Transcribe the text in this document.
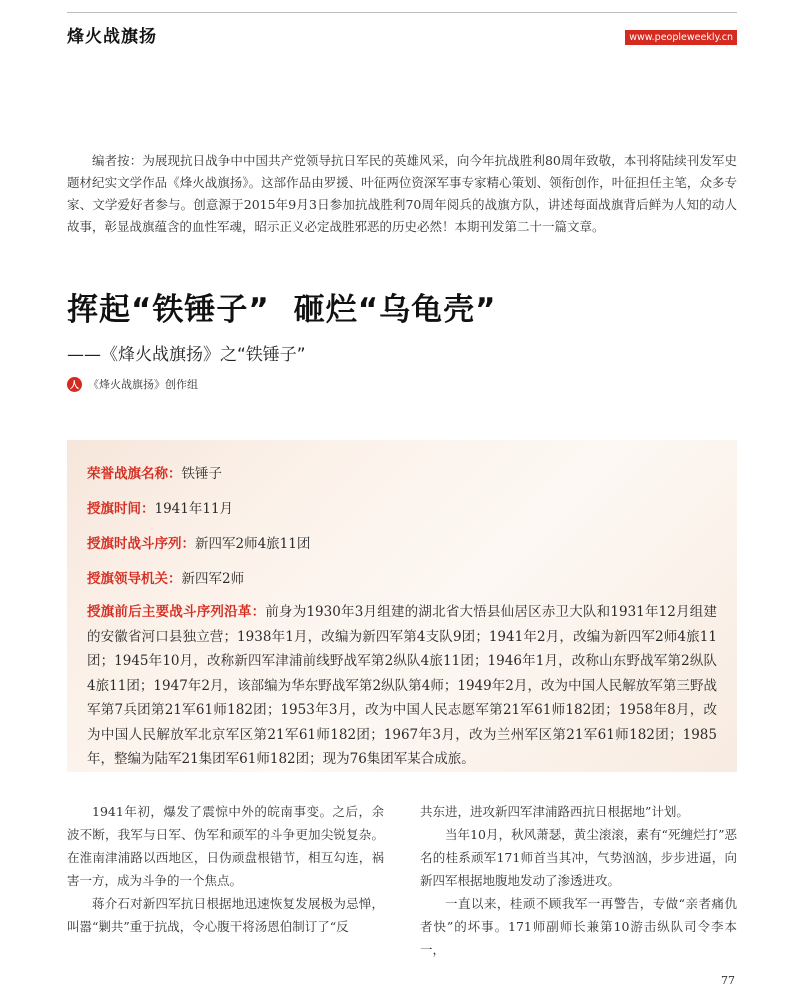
烽火战旗扬	www.peopleweekly.cn

编者按：为展现抗日战争中中国共产党领导抗日军民的英雄风采，向今年抗战胜利80周年致敬，本刊将陆续刊发军史题材纪实文学作品《烽火战旗扬》。这部作品由罗援、叶征两位资深军事专家精心策划、领衔创作，叶征担任主笔，众多专家、文学爱好者参与。创意源于2015年9月3日参加抗战胜利70周年阅兵的战旗方队，讲述每面战旗背后鲜为人知的动人故事，彰显战旗蕴含的血性军魂，昭示正义必定战胜邪恶的历史必然！本期刊发第二十一篇文章。

挥起“铁锤子” 砸烂“乌龟壳”
——《烽火战旗扬》之“铁锤子”
人 《烽火战旗扬》创作组

荣誉战旗名称：铁锤子

授旗时间：1941年11月

授旗时战斗序列：新四军2师4旅11团

授旗领导机关：新四军2师

授旗前后主要战斗序列沿革：前身为1930年3月组建的湖北省大悟县仙居区赤卫大队和1931年12月组建的安徽省河口县独立营；1938年1月，改编为新四军第4支队9团；1941年2月，改编为新四军2师4旅11团；1945年10月，改称新四军津浦前线野战军第2纵队4旅11团；1946年1月，改称山东野战军第2纵队4旅11团；1947年2月，该部编为华东野战军第2纵队第4师；1949年2月，改为中国人民解放军第三野战军第7兵团第21军61师182团；1953年3月，改为中国人民志愿军第21军61师182团；1958年8月，改为中国人民解放军北京军区第21军61师182团；1967年3月，改为兰州军区第21军61师182团；1985年，整编为陆军21集团军61师182团；现为76集团军某合成旅。

1941年初，爆发了震惊中外的皖南事变。之后，余波不断，我军与日军、伪军和顽军的斗争更加尖锐复杂。在淮南津浦路以西地区，日伪顽盘根错节，相互勾连，祸害一方，成为斗争的一个焦点。

蒋介石对新四军抗日根据地迅速恢复发展极为忌惮，叫嚣“剿共”重于抗战，令心腹干将汤恩伯制订了“反

共东进，进攻新四军津浦路西抗日根据地”计划。

当年10月，秋风萧瑟，黄尘滚滚，素有“死缠烂打”恶名的桂系顽军171师首当其冲，气势汹汹，步步进逼，向新四军根据地腹地发动了渗透进攻。

一直以来，桂顽不顾我军一再警告，专做“亲者痛仇者快”的坏事。171师副师长兼第10游击纵队司令李本一，

77
